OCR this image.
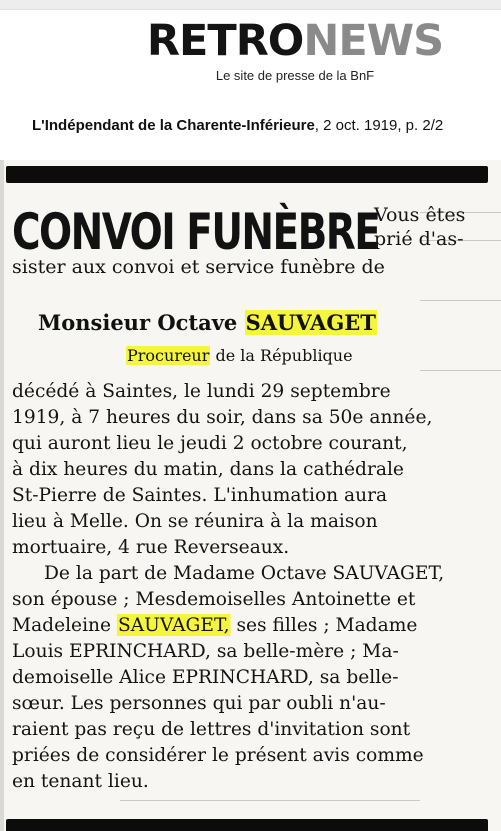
RETRONEWS
Le site de presse de la BnF
L'Indépendant de la Charente-Inférieure, 2 oct. 1919, p. 2/2
CONVOI FUNÈBRE
Vous êtes
prié d'as-
sister aux convoi et service funèbre de
Monsieur Octave SAUVAGET
Procureur de la République
décédé à Saintes, le lundi 29 septembre
1919, à 7 heures du soir, dans sa 50e année,
qui auront lieu le jeudi 2 octobre courant,
à dix heures du matin, dans la cathédrale
St-Pierre de Saintes. L'inhumation aura
lieu à Melle. On se réunira à la maison
mortuaire, 4 rue Reverseaux.
De la part de Madame Octave SAUVAGET,
son épouse ; Mesdemoiselles Antoinette et
Madeleine SAUVAGET, ses filles ; Madame
Louis EPRINCHARD, sa belle-mère ; Ma-
demoiselle Alice EPRINCHARD, sa belle-
sœur. Les personnes qui par oubli n'au-
raient pas reçu de lettres d'invitation sont
priées de considérer le présent avis comme
en tenant lieu.
